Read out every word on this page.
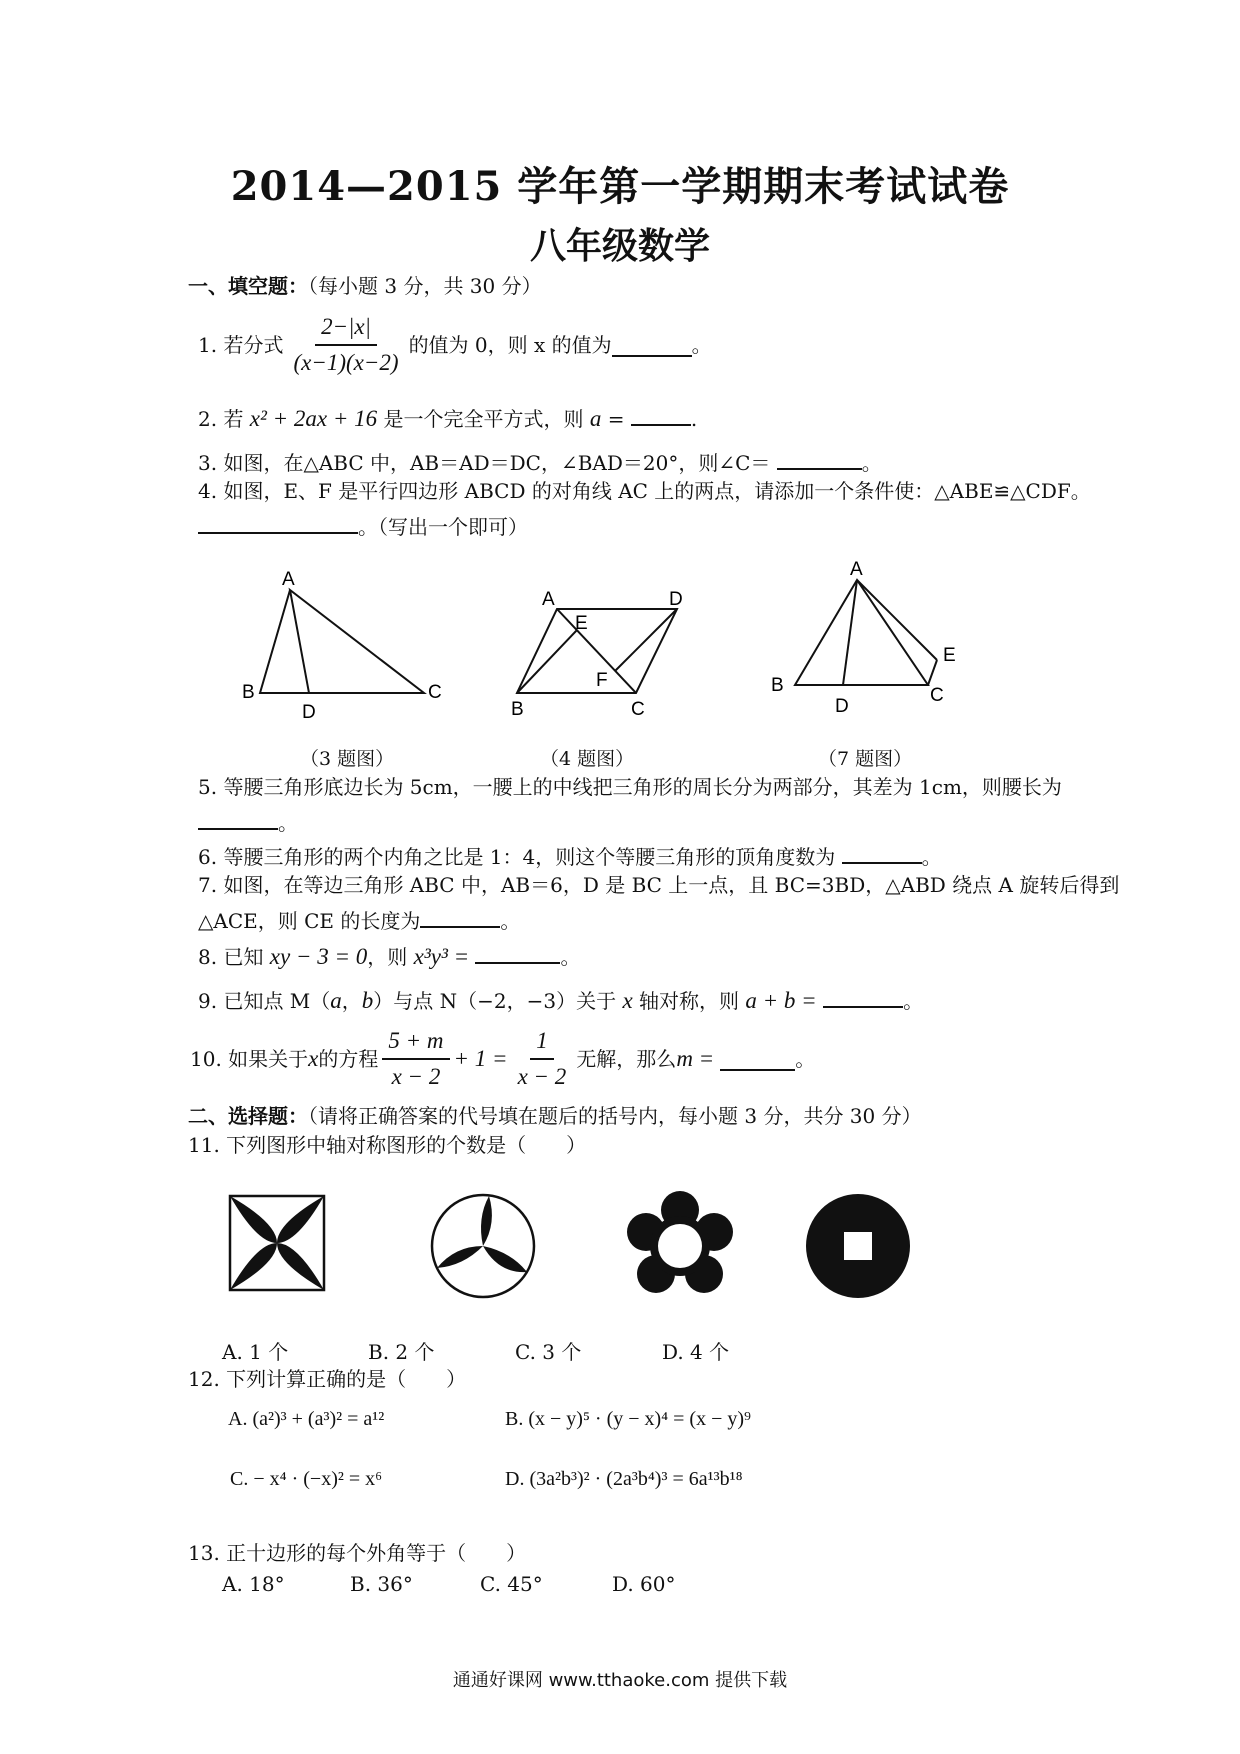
2014—2015 学年第一学期期末考试试卷
八年级数学
一、填空题：（每小题 3 分，共 30 分）
1. 若分式 $\frac{2-|x|}{(x-1)(x-2)}$ 的值为 0，则 x 的值为	。
2. 若 x² + 2ax + 16 是一个完全平方式，则 a =	.
3. 如图，在△ABC 中，AB＝AD＝DC，∠BAD＝20°，则∠C＝	。
4. 如图，E、F 是平行四边形 ABCD 的对角线 AC 上的两点，请添加一个条件使：△ABE≌△CDF。
。（写出一个即可）
A
B
D
C
A	D
E
F
B	C
A
E
B
D
C
（3 题图）	（4 题图）	（7 题图）
5. 等腰三角形底边长为 5cm，一腰上的中线把三角形的周长分为两部分，其差为 1cm，则腰长为
。
6. 等腰三角形的两个内角之比是 1：4，则这个等腰三角形的顶角度数为	。
7. 如图，在等边三角形 ABC 中，AB＝6，D 是 BC 上一点，且 BC=3BD，△ABD 绕点 A 旋转后得到
△ACE，则 CE 的长度为	。
8. 已知 xy − 3 = 0，则 x³y³ =	。
9. 已知点 M（a，b）与点 N（−2，−3）关于 x 轴对称，则 a + b =	。
10. 如果关于 x 的方程 $\frac{5 + m}{x - 2} + 1 = \frac{1}{x - 2}$ 无解，那么 m =	。
二、选择题：（请将正确答案的代号填在题后的括号内，每小题 3 分，共分 30 分）
11. 下列图形中轴对称图形的个数是（　　）
A. 1 个	B. 2 个	C. 3 个	D. 4 个
12. 下列计算正确的是（　　）
A. (a²)³ + (a³)² = a¹²	B. (x − y)⁵ · (y − x)⁴ = (x − y)⁹
C. − x⁴ · (−x)² = x⁶	D. (3a²b³)² · (2a³b⁴)³ = 6a¹³b¹⁸
13. 正十边形的每个外角等于（　　）
A. 18°	B. 36°	C. 45°	D. 60°
通通好课网 www.tthaoke.com 提供下载
